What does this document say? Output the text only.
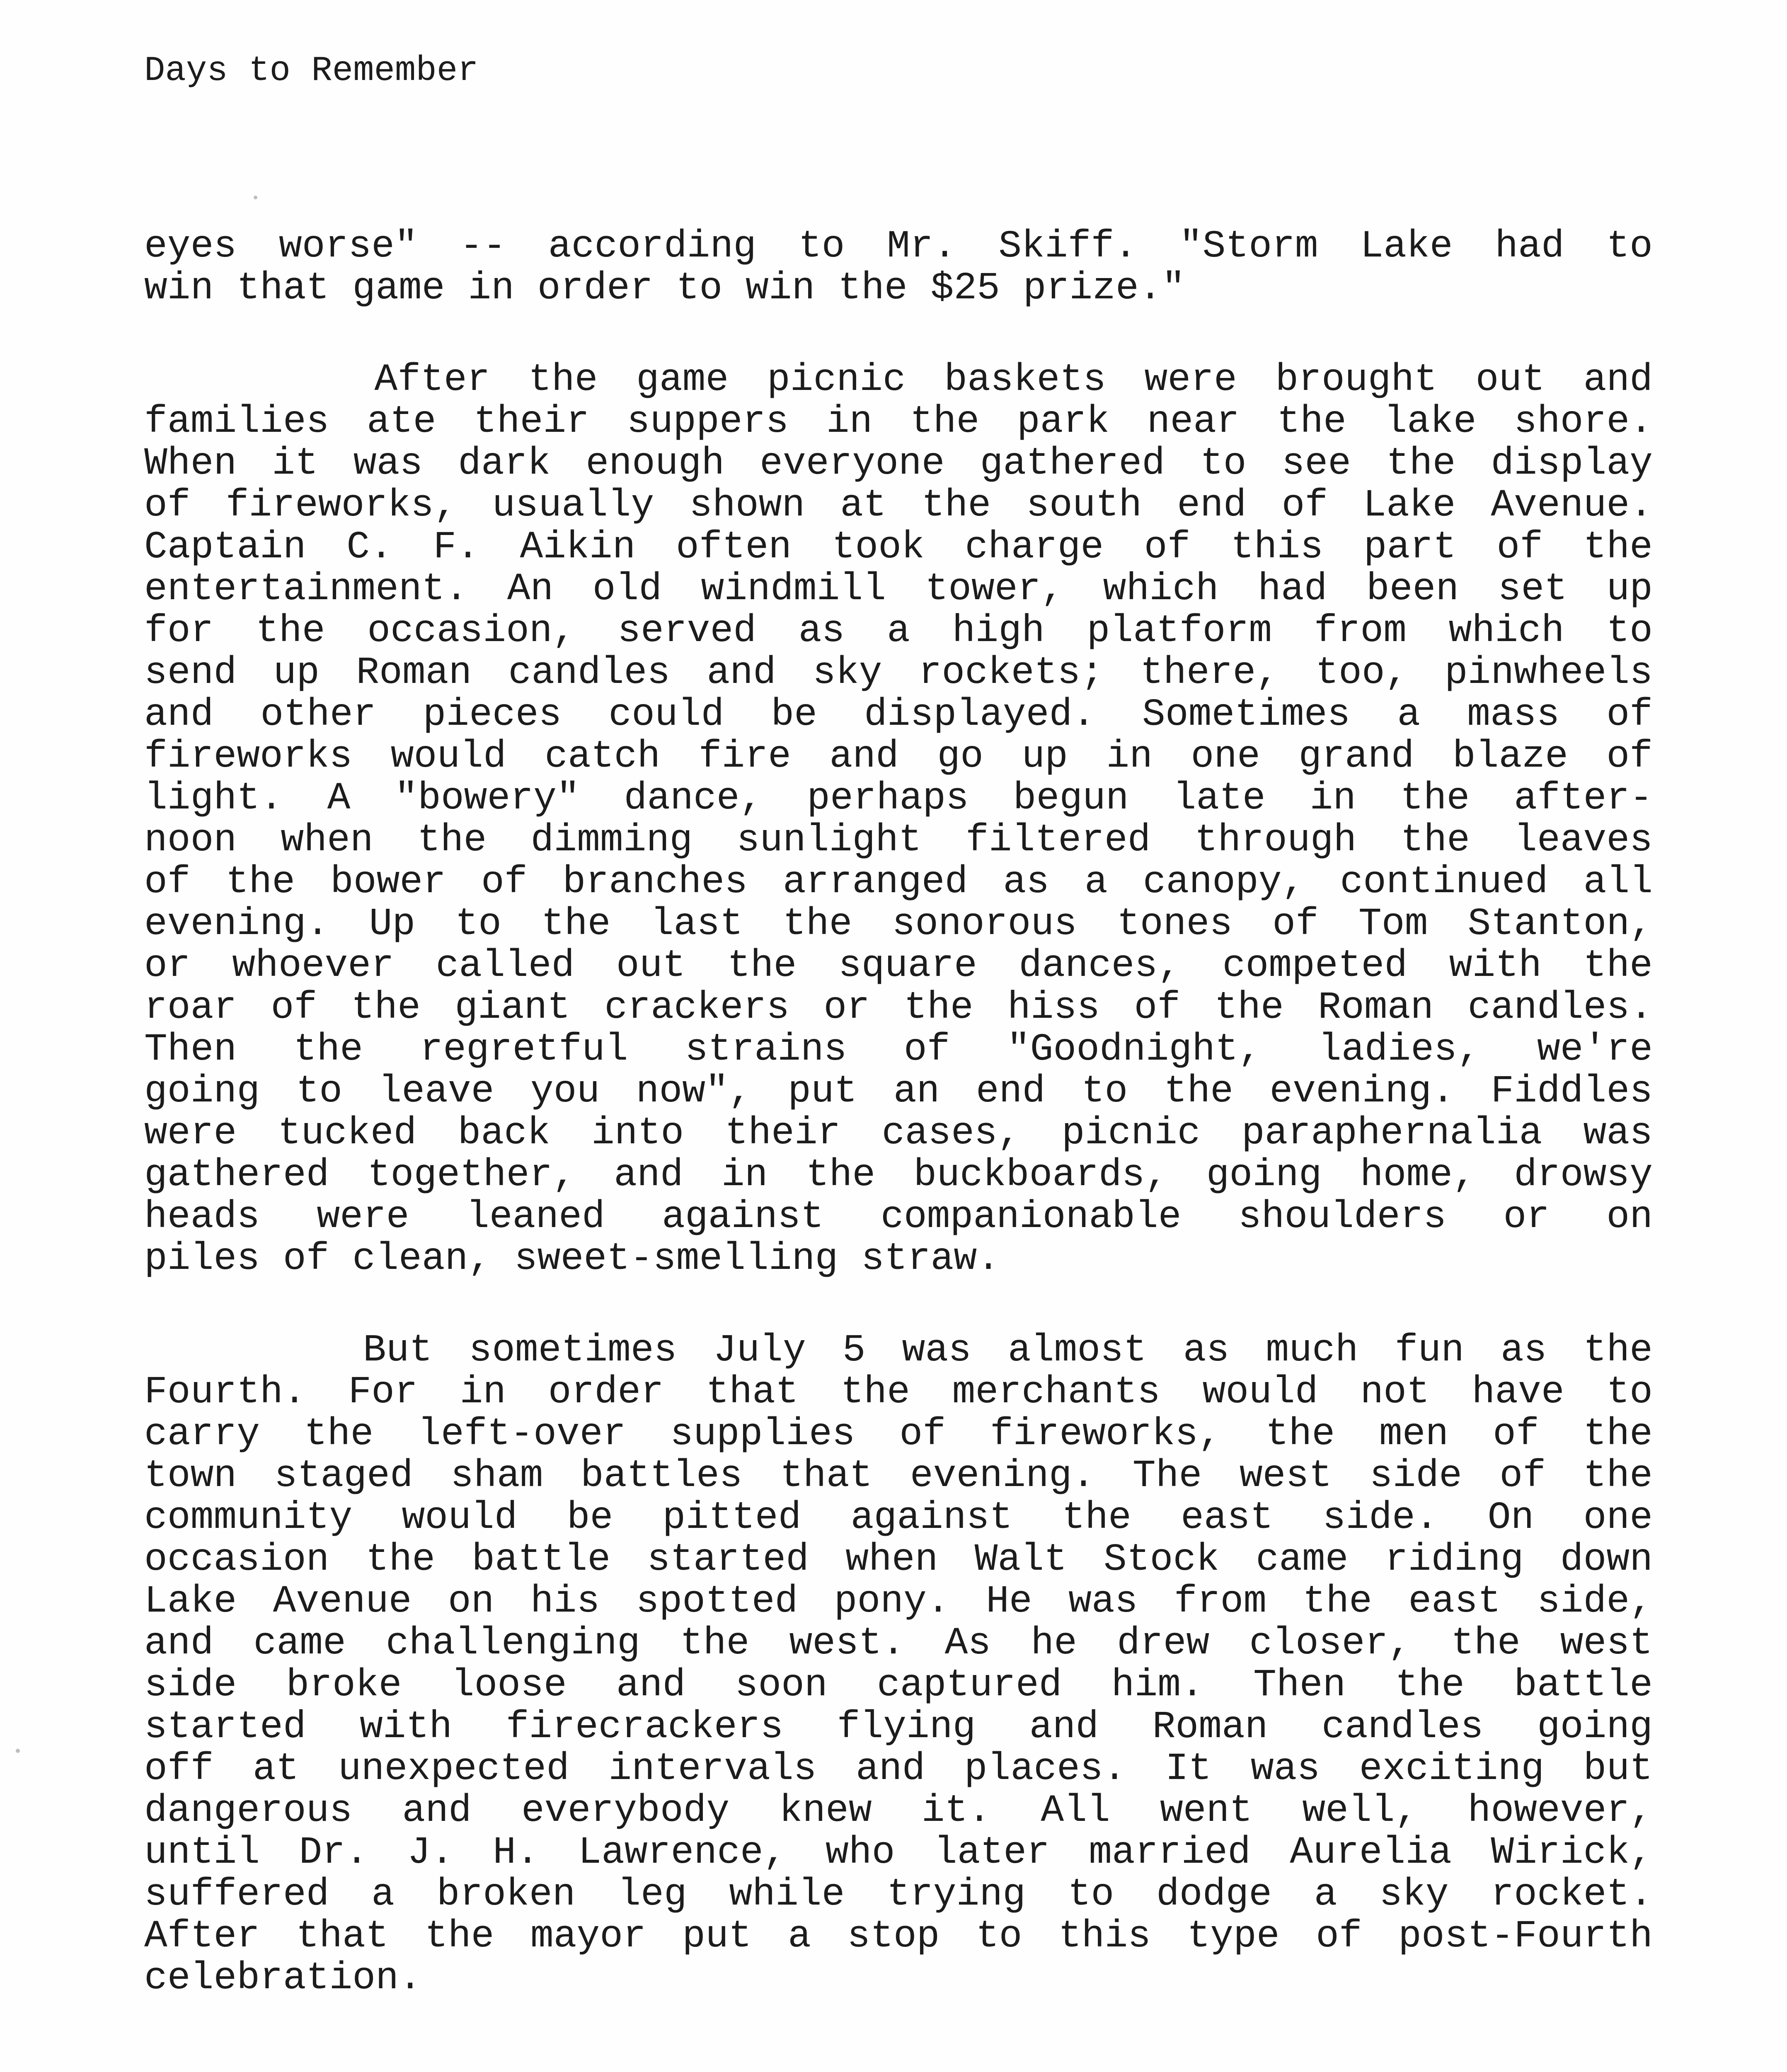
Days to Remember
eyes worse" -- according to Mr. Skiff. "Storm Lake had to
win that game in order to win the $25 prize."
After the game picnic baskets were brought out and
families ate their suppers in the park near the lake shore.
When it was dark enough everyone gathered to see the display
of fireworks, usually shown at the south end of Lake Avenue.
Captain C. F. Aikin often took charge of this part of the
entertainment. An old windmill tower, which had been set up
for the occasion, served as a high platform from which to
send up Roman candles and sky rockets; there, too, pinwheels
and other pieces could be displayed. Sometimes a mass of
fireworks would catch fire and go up in one grand blaze of
light. A "bowery" dance, perhaps begun late in the after-
noon when the dimming sunlight filtered through the leaves
of the bower of branches arranged as a canopy, continued all
evening. Up to the last the sonorous tones of Tom Stanton,
or whoever called out the square dances, competed with the
roar of the giant crackers or the hiss of the Roman candles.
Then the regretful strains of "Goodnight, ladies, we're
going to leave you now", put an end to the evening. Fiddles
were tucked back into their cases, picnic paraphernalia was
gathered together, and in the buckboards, going home, drowsy
heads were leaned against companionable shoulders or on
piles of clean, sweet-smelling straw.
But sometimes July 5 was almost as much fun as the
Fourth. For in order that the merchants would not have to
carry the left-over supplies of fireworks, the men of the
town staged sham battles that evening. The west side of the
community would be pitted against the east side. On one
occasion the battle started when Walt Stock came riding down
Lake Avenue on his spotted pony. He was from the east side,
and came challenging the west. As he drew closer, the west
side broke loose and soon captured him. Then the battle
started with firecrackers flying and Roman candles going
off at unexpected intervals and places. It was exciting but
dangerous and everybody knew it. All went well, however,
until Dr. J. H. Lawrence, who later married Aurelia Wirick,
suffered a broken leg while trying to dodge a sky rocket.
After that the mayor put a stop to this type of post-Fourth
celebration.
